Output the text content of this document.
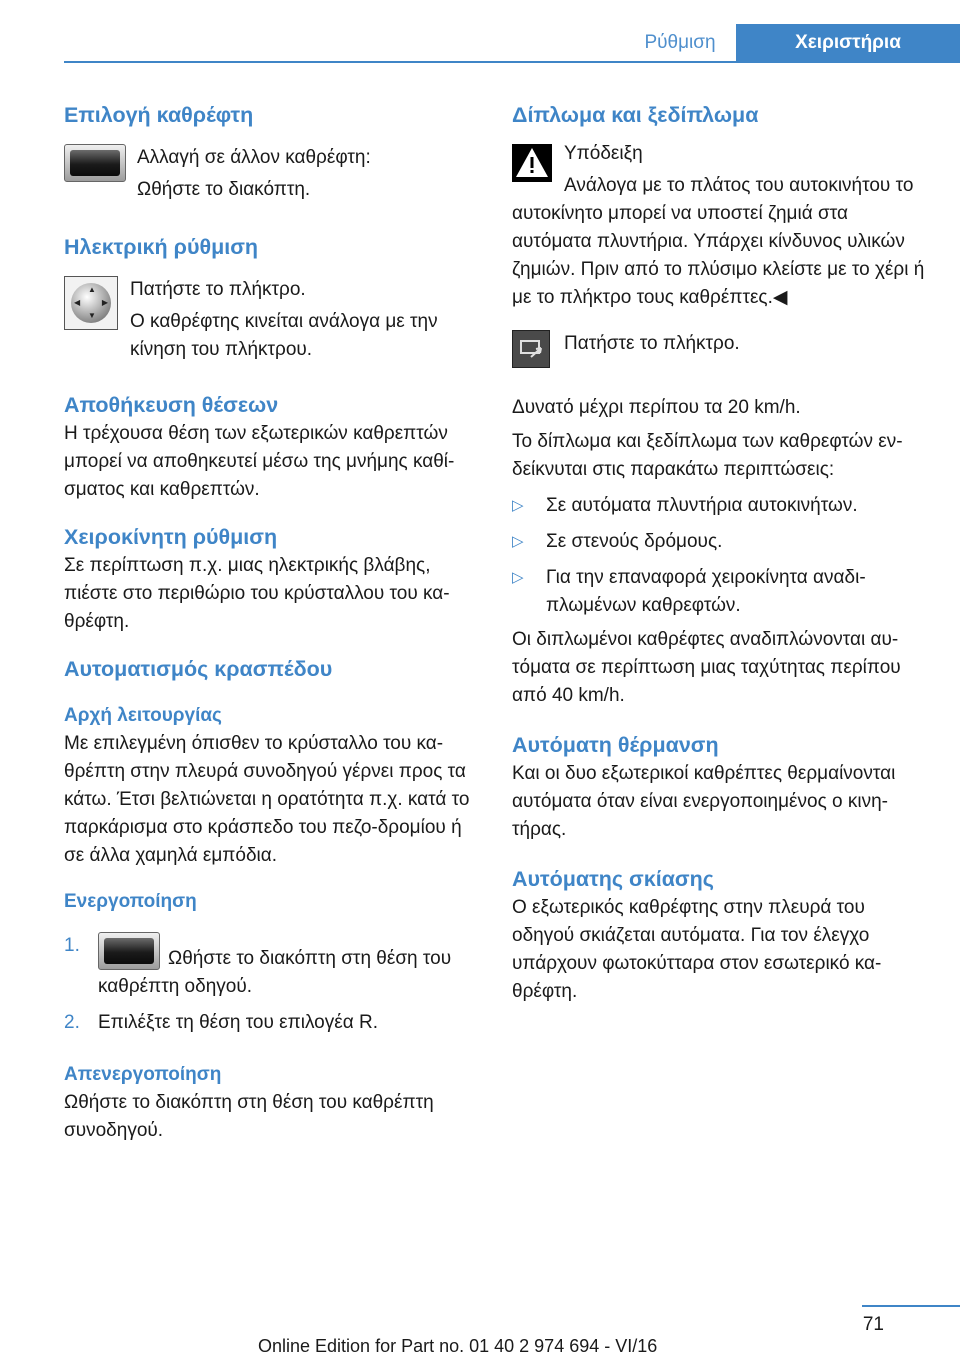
Ρύθμιση	Χειριστήρια
Επιλογή καθρέφτη

Αλλαγή σε άλλον καθρέφτη:

Ωθήστε το διακόπτη.

Ηλεκτρική ρύθμιση
▲
▼
◀	▶

Πατήστε το πλήκτρο.

Ο καθρέφτης κινείται ανάλογα με την κίνηση του πλήκτρου.

Αποθήκευση θέσεων

Η τρέχουσα θέση των εξωτερικών καθρεπτών μπορεί να αποθηκευτεί μέσω της μνήμης καθί-σματος και καθρεπτών.

Χειροκίνητη ρύθμιση

Σε περίπτωση π.χ. μιας ηλεκτρικής βλάβης, πιέστε στο περιθώριο του κρύσταλλου του κα-θρέφτη.

Αυτοματισμός κρασπέδου
Αρχή λειτουργίας

Με επιλεγμένη όπισθεν το κρύσταλλο του κα-θρέπτη στην πλευρά συνοδηγού γέρνει προς τα κάτω. Έτσι βελτιώνεται η ορατότητα π.χ. κατά το παρκάρισμα στο κράσπεδο του πεζο-δρομίου ή σε άλλα χαμηλά εμπόδια.

Ενεργοποίηση
1.
Ωθήστε το διακόπτη στη θέση του καθρέπτη οδηγού.
2. Επιλέξτε τη θέση του επιλογέα R.
Απενεργοποίηση

Ωθήστε το διακόπτη στη θέση του καθρέπτη συνοδηγού.

Δίπλωμα και ξεδίπλωμα

Υπόδειξη

Ανάλογα με το πλάτος του αυτοκινήτου το αυτοκίνητο μπορεί να υποστεί ζημιά στα αυτόματα πλυντήρια. Υπάρχει κίνδυνος υλικών ζημιών. Πριν από το πλύσιμο κλείστε με το χέρι ή με το πλήκτρο τους καθρέπτες.◀

Πατήστε το πλήκτρο.

Δυνατό μέχρι περίπου τα 20 km/h.

Το δίπλωμα και ξεδίπλωμα των καθρεφτών εν-δείκνυται στις παρακάτω περιπτώσεις:

▷	Σε αυτόματα πλυντήρια αυτοκινήτων.
▷	Σε στενούς δρόμους.
▷	Για την επαναφορά χειροκίνητα αναδι-πλωμένων καθρεφτών.

Οι διπλωμένοι καθρέφτες αναδιπλώνονται αυ-τόματα σε περίπτωση μιας ταχύτητας περίπου από 40 km/h.

Αυτόματη θέρμανση

Και οι δυο εξωτερικοί καθρέπτες θερμαίνονται αυτόματα όταν είναι ενεργοποιημένος ο κινη-τήρας.

Αυτόματης σκίασης

Ο εξωτερικός καθρέφτης στην πλευρά του οδηγού σκιάζεται αυτόματα. Για τον έλεγχο υπάρχουν φωτοκύτταρα στον εσωτερικό κα-θρέφτη.

71
Online Edition for Part no. 01 40 2 974 694 - VI/16
